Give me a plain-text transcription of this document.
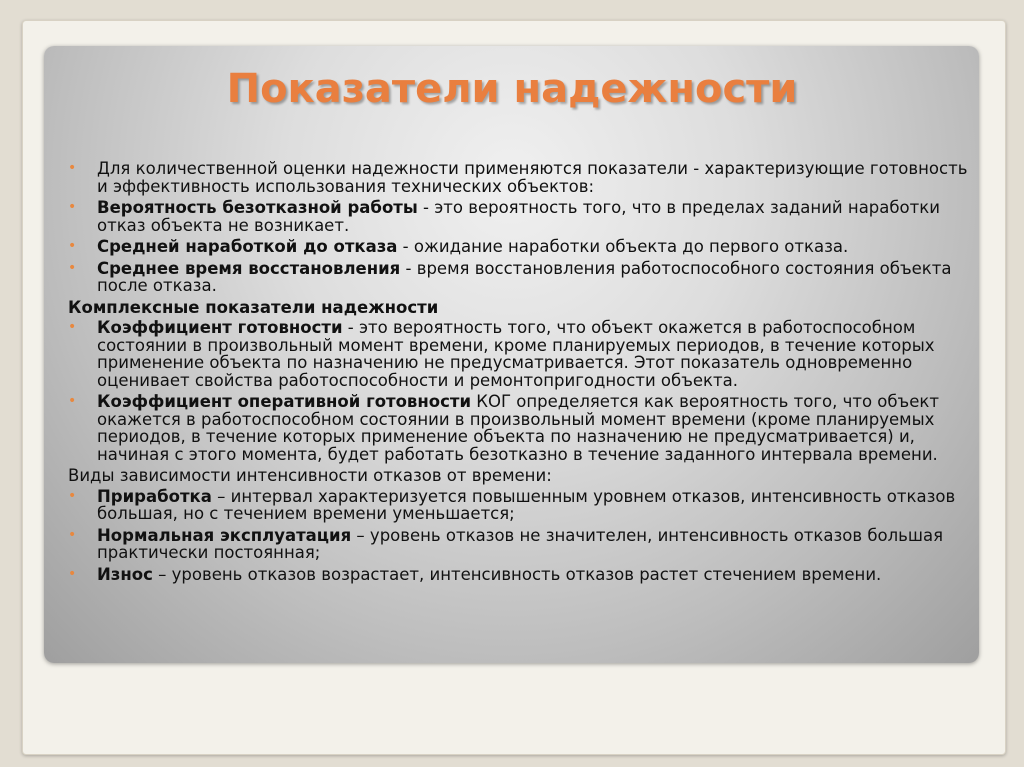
Показатели надежности
• Для количественной оценки надежности применяются показатели - характеризующие готовность и эффективность использования технических объектов:
• Вероятность безотказной работы - это вероятность того, что в пределах заданий наработки отказ объекта не возникает.
• Средней наработкой до отказа - ожидание наработки объекта до первого отказа.
• Среднее время восстановления - время восстановления работоспособного состояния объекта после отказа.
Комплексные показатели надежности
• Коэффициент готовности - это вероятность того, что объект окажется в работоспособном состоянии в произвольный момент времени, кроме планируемых периодов, в течение которых применение объекта по назначению не предусматривается. Этот показатель одновременно оценивает свойства работоспособности и ремонтопригодности объекта.
• Коэффициент оперативной готовности КОГ определяется как вероятность того, что объект окажется в работоспособном состоянии в произвольный момент времени (кроме планируемых периодов, в течение которых применение объекта по назначению не предусматривается) и, начиная с этого момента, будет работать безотказно в течение заданного интервала времени.
Виды зависимости интенсивности отказов от времени:
• Приработка – интервал характеризуется повышенным уровнем отказов, интенсивность отказов большая, но с течением времени уменьшается;
• Нормальная эксплуатация – уровень отказов не значителен, интенсивность отказов большая практически постоянная;
• Износ – уровень отказов возрастает, интенсивность отказов растет стечением времени.
